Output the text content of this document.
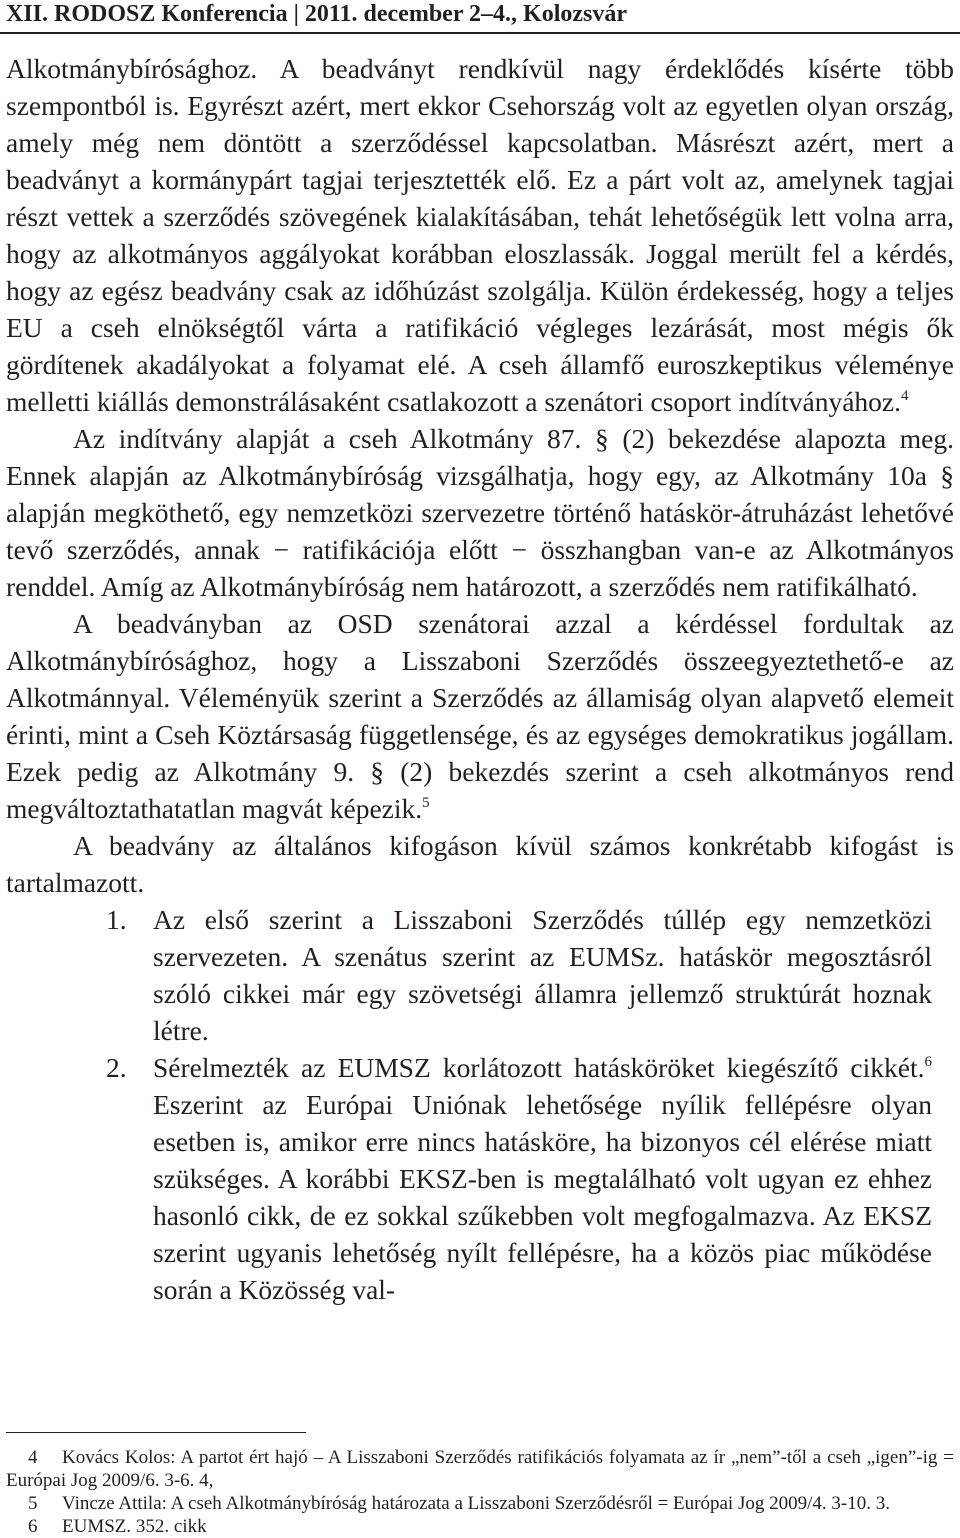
XII. RODOSZ Konferencia | 2011. december 2–4., Kolozsvár

Alkotmánybírósághoz. A beadványt rendkívül nagy érdeklődés kísérte több szempontból is. Egyrészt azért, mert ekkor Csehország volt az egyetlen olyan ország, amely még nem döntött a szerződéssel kapcsolatban. Másrészt azért, mert a beadványt a kormánypárt tagjai terjesztették elő. Ez a párt volt az, amelynek tagjai részt vettek a szerződés szövegének kialakításában, tehát lehetőségük lett volna arra, hogy az alkotmányos aggályokat korábban eloszlassák. Joggal merült fel a kérdés, hogy az egész beadvány csak az időhúzást szolgálja. Külön érdekesség, hogy a teljes EU a cseh elnökségtől várta a ratifikáció végleges lezárását, most mégis ők gördítenek akadályokat a folyamat elé. A cseh államfő euroszkeptikus véleménye melletti kiállás demonstrálásaként csatlakozott a szenátori csoport indítványához.$^4$

Az indítvány alapját a cseh Alkotmány 87. § (2) bekezdése alapozta meg. Ennek alapján az Alkotmánybíróság vizsgálhatja, hogy egy, az Alkotmány 10a § alapján megköthető, egy nemzetközi szervezetre történő hatáskör-átruházást lehetővé tevő szerződés, annak − ratifikációja előtt − összhangban van-e az Alkotmányos renddel. Amíg az Alkotmánybíróság nem határozott, a szerződés nem ratifikálható.

A beadványban az OSD szenátorai azzal a kérdéssel fordultak az Alkotmánybírósághoz, hogy a Lisszaboni Szerződés összeegyeztethető-e az Alkotmánnyal. Véleményük szerint a Szerződés az államiság olyan alapvető elemeit érinti, mint a Cseh Köztársaság függetlensége, és az egységes demokratikus jogállam. Ezek pedig az Alkotmány 9. § (2) bekezdés szerint a cseh alkotmányos rend megváltoztathatatlan magvát képezik.$^5$

A beadvány az általános kifogáson kívül számos konkrétabb kifogást is tartalmazott.

1. Az első szerint a Lisszaboni Szerződés túllép egy nemzetközi szervezeten. A szenátus szerint az EUMSz. hatáskör megosztásról szóló cikkei már egy szövetségi államra jellemző struktúrát hoznak létre.
2. Sérelmezték az EUMSZ korlátozott hatásköröket kiegészítő cikkét.$^6$ Eszerint az Európai Uniónak lehetősége nyílik fellépésre olyan esetben is, amikor erre nincs hatásköre, ha bizonyos cél elérése miatt szükséges. A korábbi EKSZ-ben is megtalálható volt ugyan ez ehhez hasonló cikk, de ez sokkal szűkebben volt megfogalmazva. Az EKSZ szerint ugyanis lehetőség nyílt fellépésre, ha a közös piac működése során a Közösség val-
4 Kovács Kolos: A partot ért hajó – A Lisszaboni Szerződés ratifikációs folyamata az ír „nem”-től a cseh „igen”-ig = Európai Jog 2009/6. 3-6. 4,
5 Vincze Attila: A cseh Alkotmánybíróság határozata a Lisszaboni Szerződésről = Európai Jog 2009/4. 3-10. 3.
6 EUMSZ. 352. cikk
